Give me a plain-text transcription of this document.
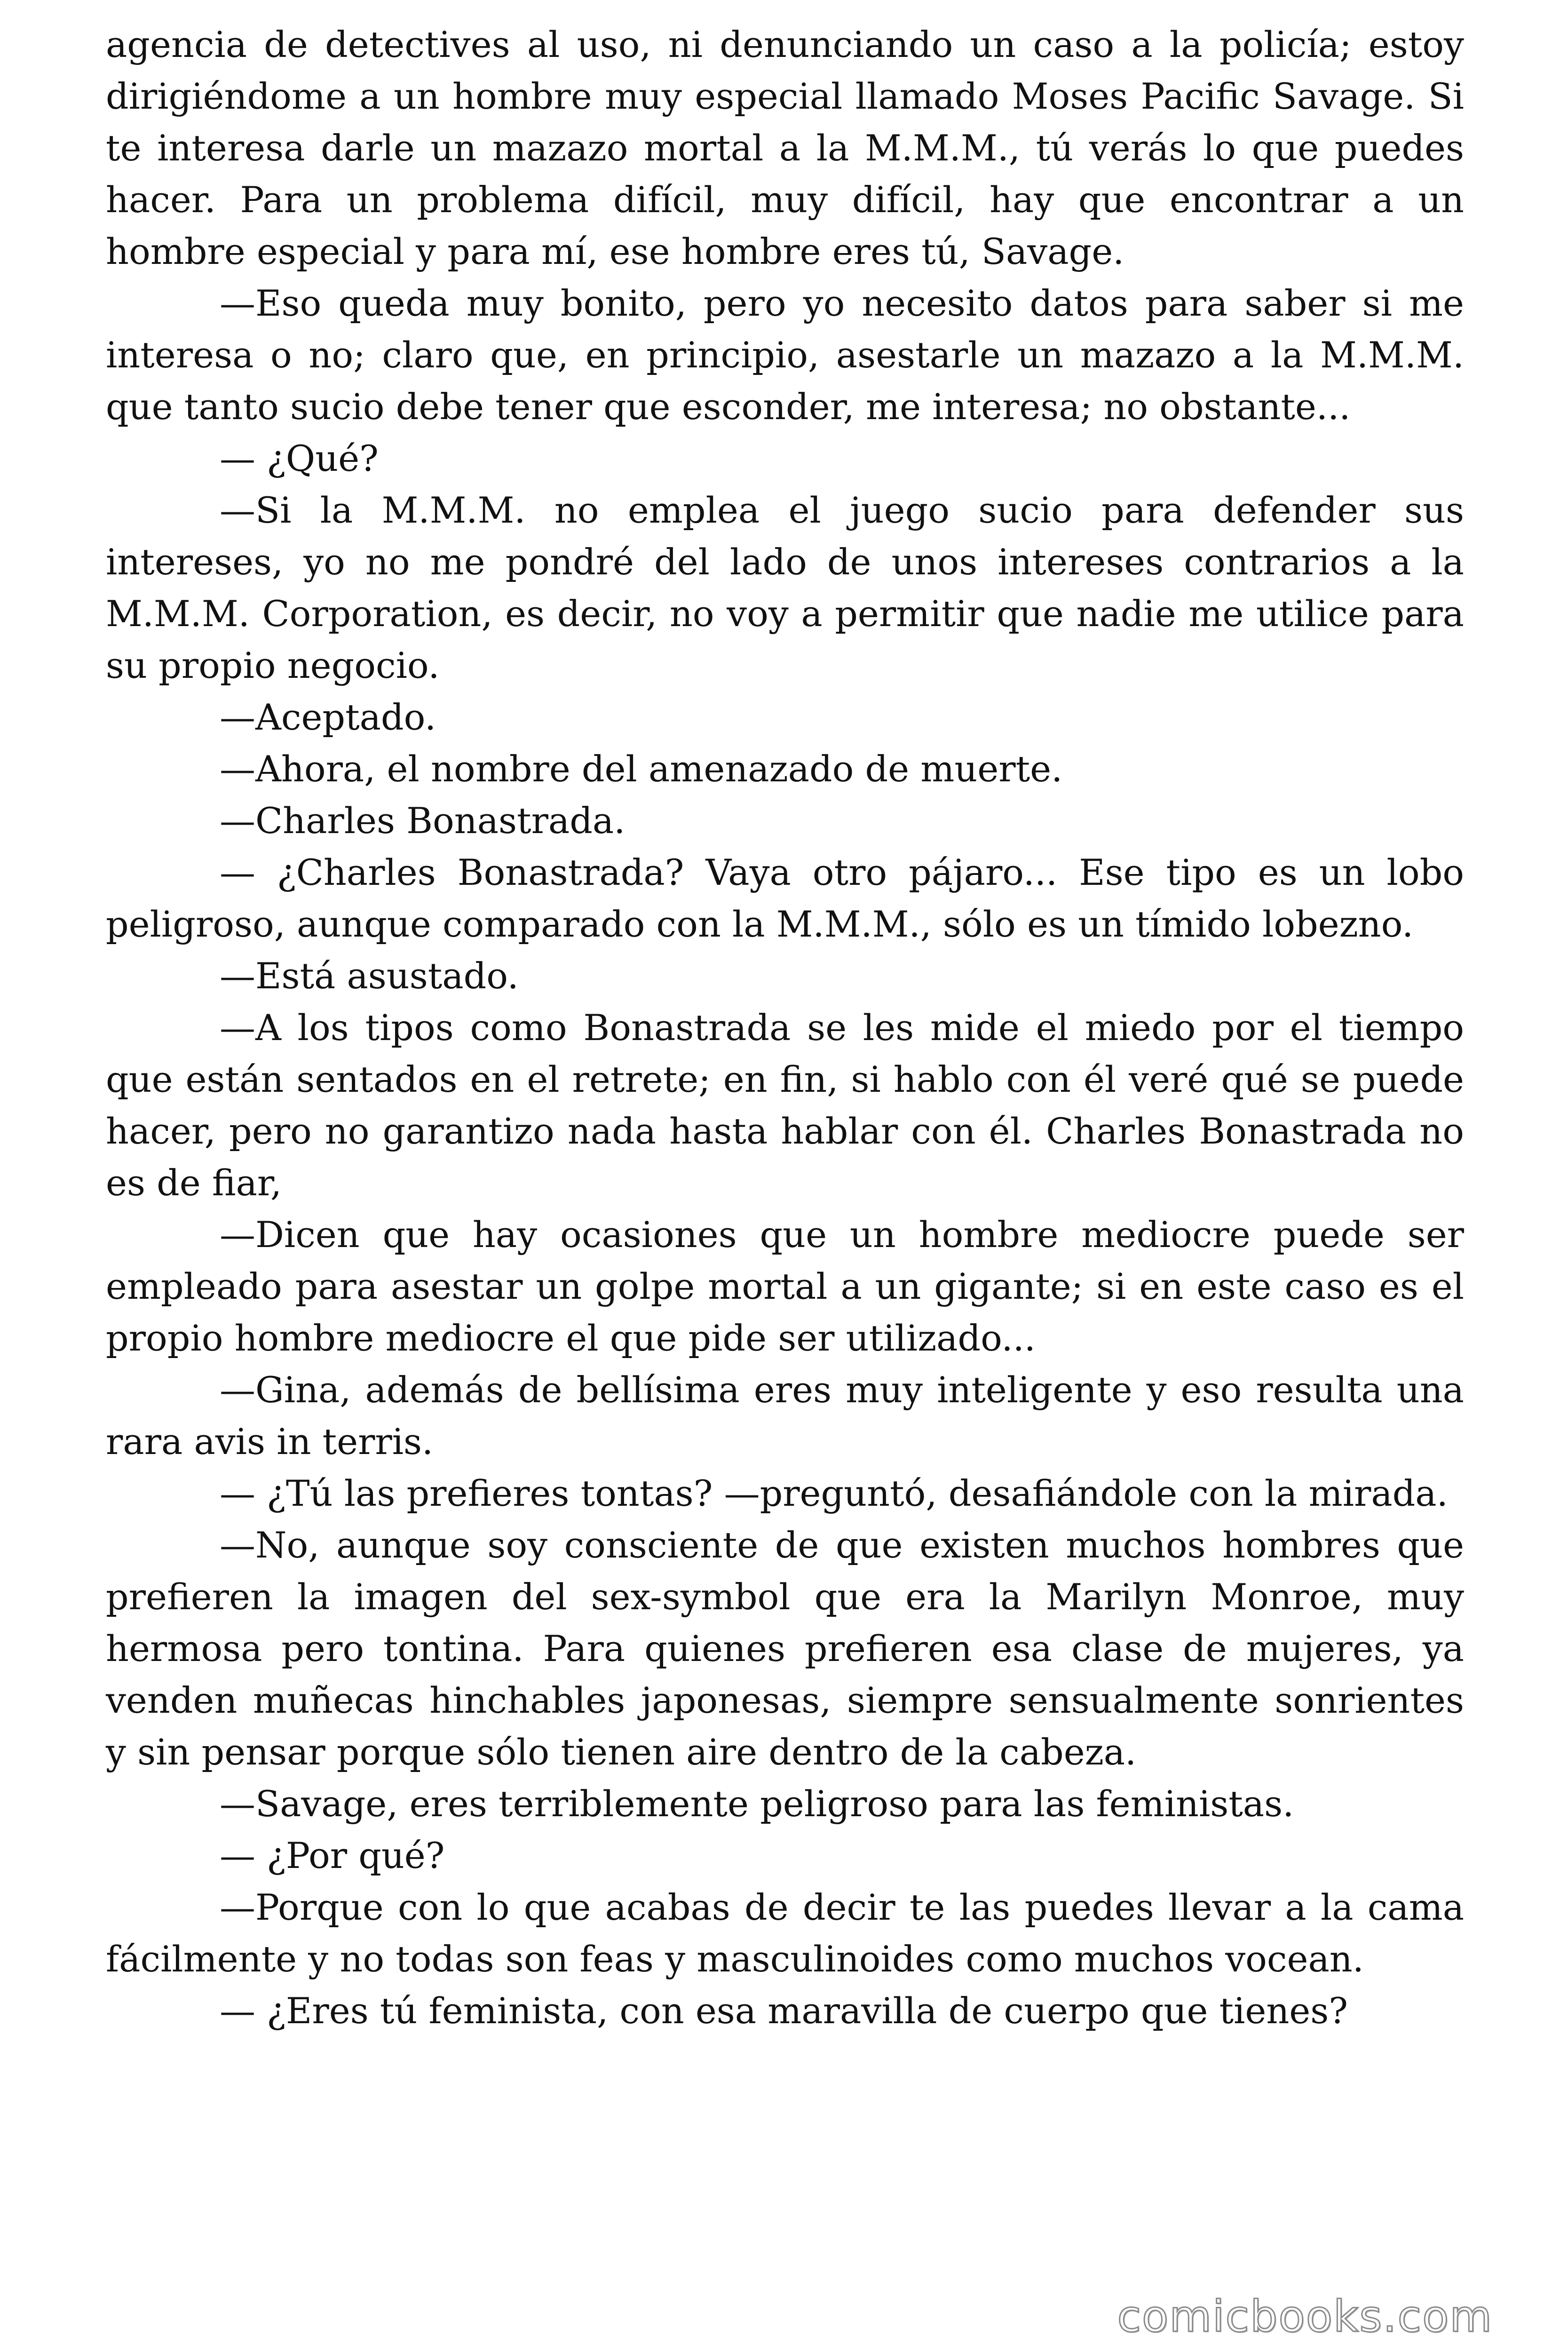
agencia de detectives al uso, ni denunciando un caso a la policía; estoy dirigiéndome a un hombre muy especial llamado Moses Pacific Savage. Si te interesa darle un mazazo mortal a la M.M.M., tú verás lo que puedes hacer. Para un problema difícil, muy difícil, hay que encontrar a un hombre especial y para mí, ese hombre eres tú, Savage.

—Eso queda muy bonito, pero yo necesito datos para saber si me interesa o no; claro que, en principio, asestarle un mazazo a la M.M.M. que tanto sucio debe tener que esconder, me interesa; no obstante...

— ¿Qué?

—Si la M.M.M. no emplea el juego sucio para defender sus intereses, yo no me pondré del lado de unos intereses contrarios a la M.M.M. Corporation, es decir, no voy a permitir que nadie me utilice para su propio negocio.

—Aceptado.

—Ahora, el nombre del amenazado de muerte.

—Charles Bonastrada.

— ¿Charles Bonastrada? Vaya otro pájaro... Ese tipo es un lobo peligroso, aunque comparado con la M.M.M., sólo es un tímido lobezno.

—Está asustado.

—A los tipos como Bonastrada se les mide el miedo por el tiempo que están sentados en el retrete; en fin, si hablo con él veré qué se puede hacer, pero no garantizo nada hasta hablar con él. Charles Bonastrada no es de fiar,

—Dicen que hay ocasiones que un hombre mediocre puede ser empleado para asestar un golpe mortal a un gigante; si en este caso es el propio hombre mediocre el que pide ser utilizado...

—Gina, además de bellísima eres muy inteligente y eso resulta una rara avis in terris.

— ¿Tú las prefieres tontas? —preguntó, desafiándole con la mirada.

—No, aunque soy consciente de que existen muchos hombres que prefieren la imagen del sex-symbol que era la Marilyn Monroe, muy hermosa pero tontina. Para quienes prefieren esa clase de mujeres, ya venden muñecas hinchables japonesas, siempre sensualmente sonrientes y sin pensar porque sólo tienen aire dentro de la cabeza.

—Savage, eres terriblemente peligroso para las feministas.

— ¿Por qué?

—Porque con lo que acabas de decir te las puedes llevar a la cama fácilmente y no todas son feas y masculinoides como muchos vocean.

— ¿Eres tú feminista, con esa maravilla de cuerpo que tienes?

comicbooks.com
